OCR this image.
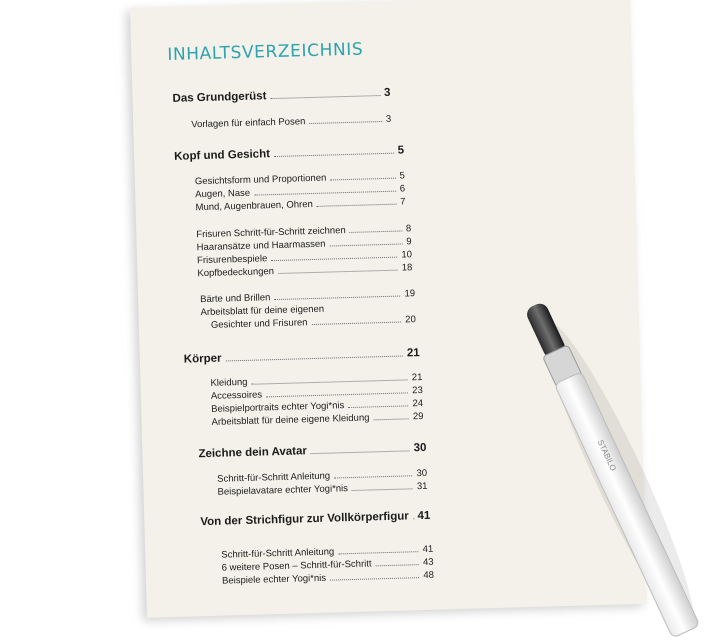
INHALTSVERZEICHNIS
Das Grundgerüst	3
Vorlagen für einfach Posen	3
Kopf und Gesicht	5
Gesichtsform und Proportionen	5
Augen, Nase	6
Mund, Augenbrauen, Ohren	7
Frisuren Schritt-für-Schritt zeichnen	8
Haaransätze und Haarmassen	9
Frisurenbespiele	10
Kopfbedeckungen	18
Bärte und Brillen	19
Arbeitsblatt für deine eigenen
Gesichter und Frisuren	20
Körper	21
Kleidung	21
Accessoires	23
Beispielportraits echter Yogi*nis	24
Arbeitsblatt für deine eigene Kleidung	29
Zeichne dein Avatar	30
Schritt-für-Schritt Anleitung	30
Beispielavatare echter Yogi*nis	31
Von der Strichfigur zur Vollkörperfigur 41
Schritt-für-Schritt Anleitung	41
6 weitere Posen – Schritt-für-Schritt	43
Beispiele echter Yogi*nis	48
STABILO
